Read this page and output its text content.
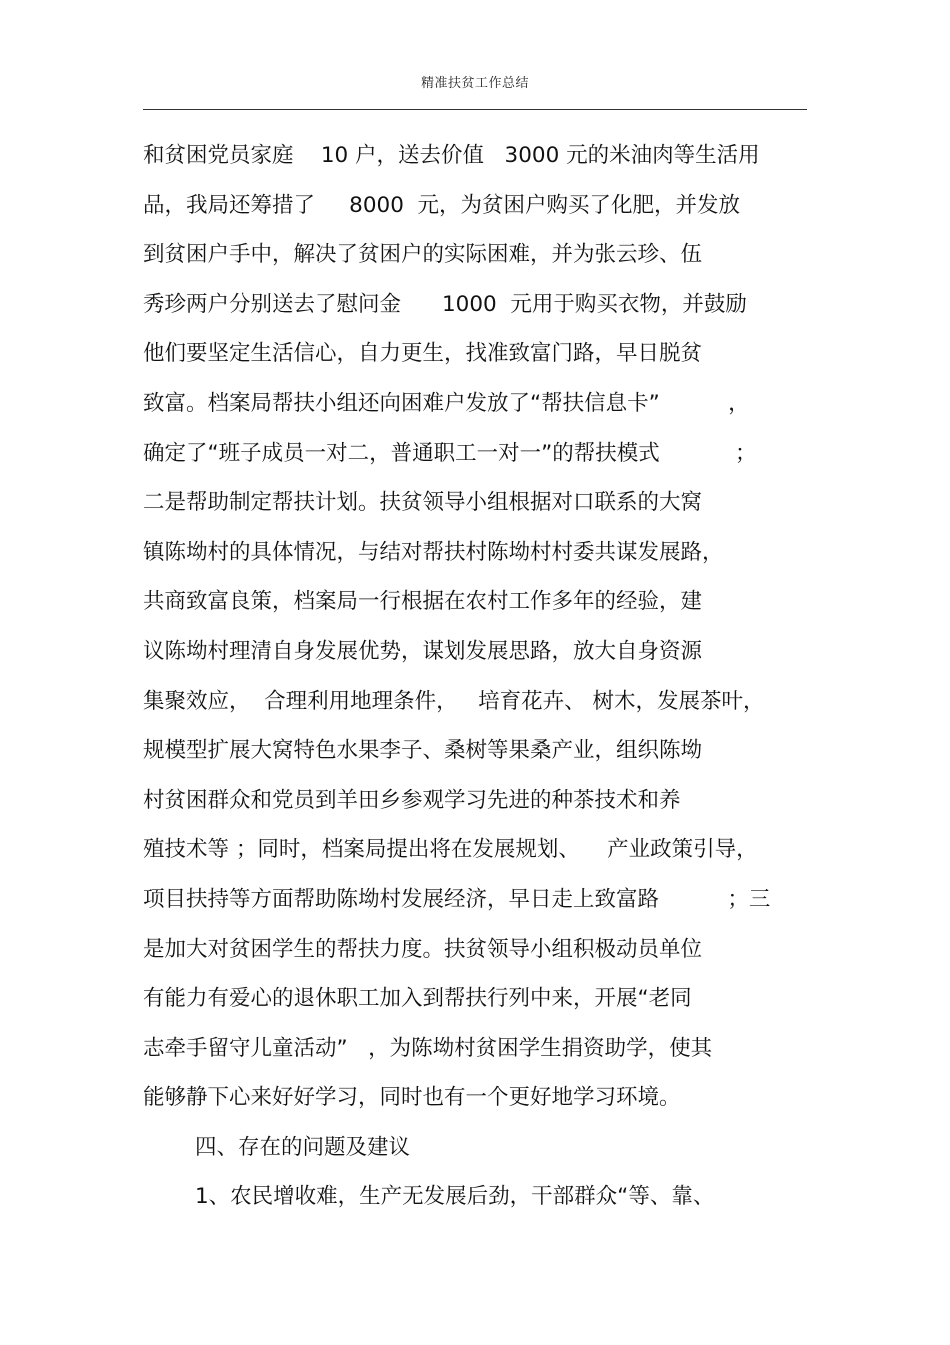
精准扶贫工作总结
和贫困党员家庭    10 户，送去价值   3000 元的米油肉等生活用
品，我局还筹措了     8000  元，为贫困户购买了化肥，并发放
到贫困户手中，解决了贫困户的实际困难，并为张云珍、伍
秀珍两户分别送去了慰问金      1000  元用于购买衣物，并鼓励
他们要坚定生活信心，自力更生，找准致富门路，早日脱贫
致富。档案局帮扶小组还向困难户发放了“帮扶信息卡”          ，
确定了“班子成员一对二，普通职工一对一”的帮扶模式           ；
二是帮助制定帮扶计划。扶贫领导小组根据对口联系的大窝
镇陈坳村的具体情况，与结对帮扶村陈坳村村委共谋发展路，
共商致富良策，档案局一行根据在农村工作多年的经验，建
议陈坳村理清自身发展优势，谋划发展思路，放大自身资源
集聚效应，  合理利用地理条件，   培育花卉、 树木，发展茶叶，
规模型扩展大窝特色水果李子、桑树等果桑产业，组织陈坳
村贫困群众和党员到羊田乡参观学习先进的种茶技术和养
殖技术等 ；同时，档案局提出将在发展规划、    产业政策引导，
项目扶持等方面帮助陈坳村发展经济，早日走上致富路          ；三
是加大对贫困学生的帮扶力度。扶贫领导小组积极动员单位
有能力有爱心的退休职工加入到帮扶行列中来，开展“老同
志牵手留守儿童活动”   ，为陈坳村贫困学生捐资助学，使其
能够静下心来好好学习，同时也有一个更好地学习环境。
四、存在的问题及建议
1、农民增收难，生产无发展后劲，干部群众“等、靠、
